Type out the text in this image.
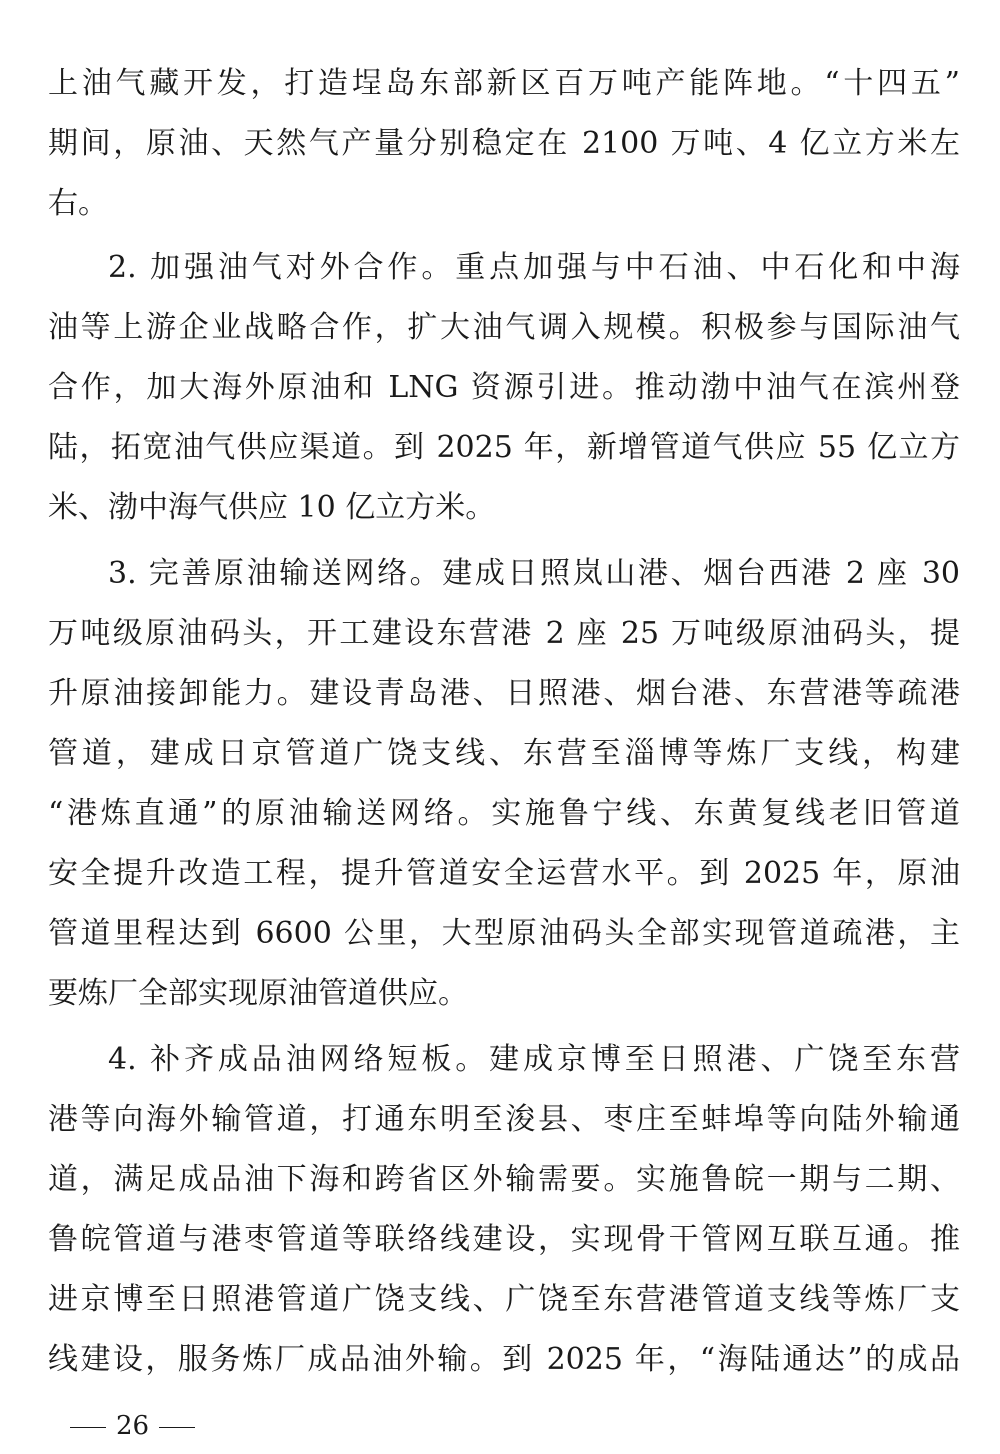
上油气藏开发，打造埕岛东部新区百万吨产能阵地。“十四五”
期间，原油、天然气产量分别稳定在 2100 万吨、4 亿立方米左
右。
2. 加强油气对外合作。重点加强与中石油、中石化和中海
油等上游企业战略合作，扩大油气调入规模。积极参与国际油气
合作，加大海外原油和 LNG 资源引进。推动渤中油气在滨州登
陆，拓宽油气供应渠道。到 2025 年，新增管道气供应 55 亿立方
米、渤中海气供应 10 亿立方米。
3. 完善原油输送网络。建成日照岚山港、烟台西港 2 座 30
万吨级原油码头，开工建设东营港 2 座 25 万吨级原油码头，提
升原油接卸能力。建设青岛港、日照港、烟台港、东营港等疏港
管道，建成日京管道广饶支线、东营至淄博等炼厂支线，构建
“港炼直通”的原油输送网络。实施鲁宁线、东黄复线老旧管道
安全提升改造工程，提升管道安全运营水平。到 2025 年，原油
管道里程达到 6600 公里，大型原油码头全部实现管道疏港，主
要炼厂全部实现原油管道供应。
4. 补齐成品油网络短板。建成京博至日照港、广饶至东营
港等向海外输管道，打通东明至浚县、枣庄至蚌埠等向陆外输通
道，满足成品油下海和跨省区外输需要。实施鲁皖一期与二期、
鲁皖管道与港枣管道等联络线建设，实现骨干管网互联互通。推
进京博至日照港管道广饶支线、广饶至东营港管道支线等炼厂支
线建设，服务炼厂成品油外输。到 2025 年，“海陆通达”的成品
26
